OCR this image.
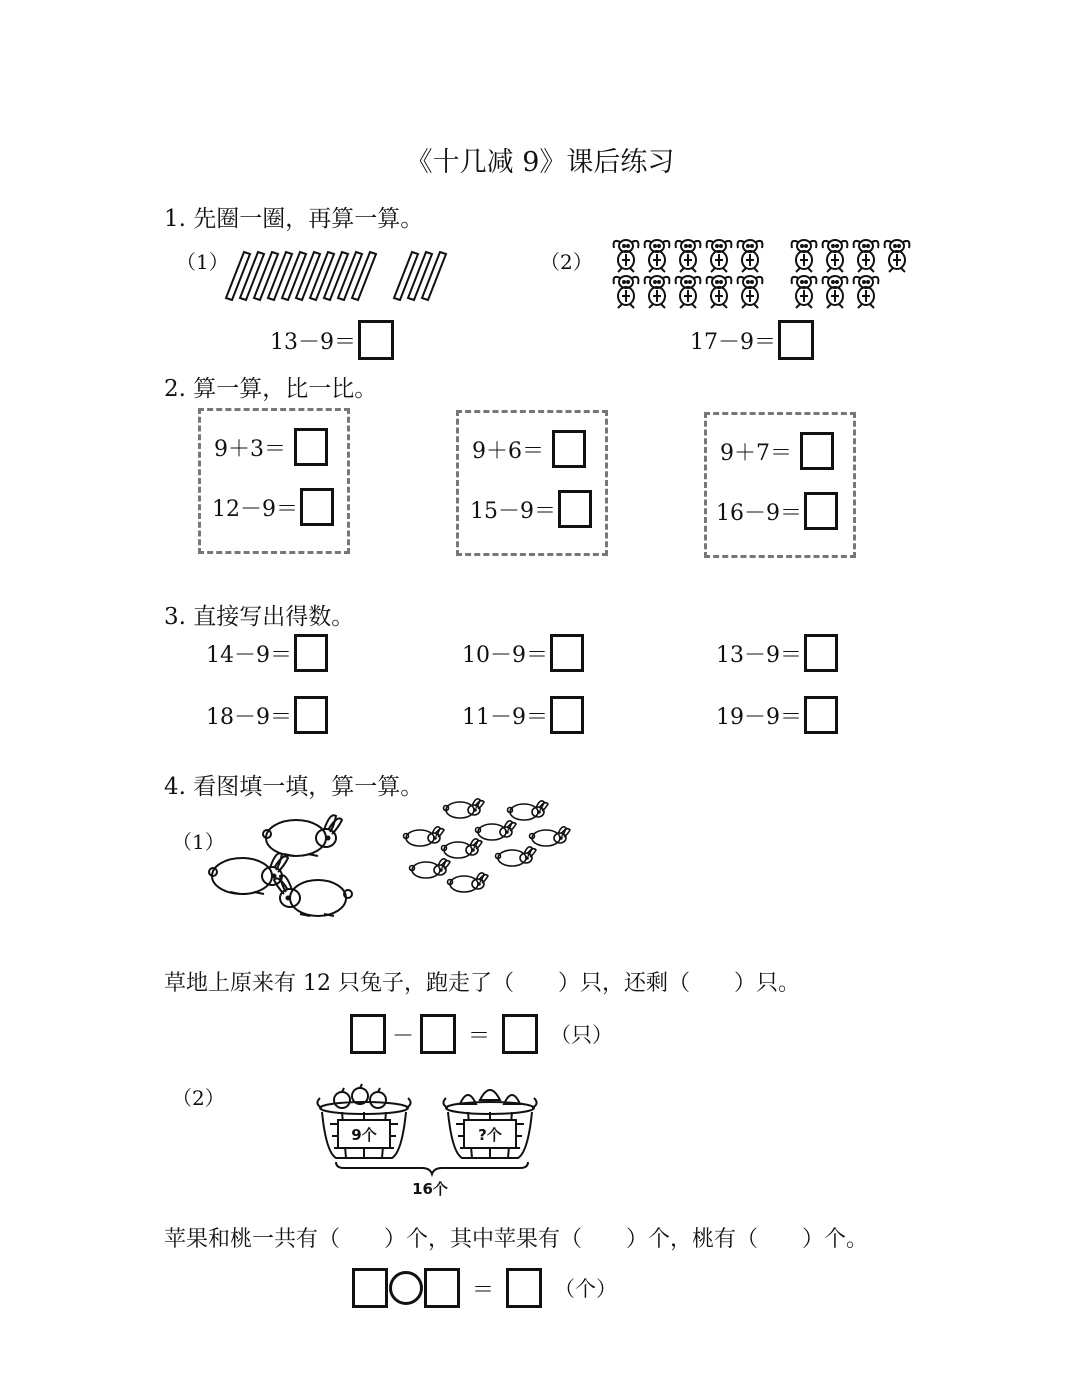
《十几减 9》课后练习
1. 先圈一圈，再算一算。
（1）	（2）
13－9＝	17－9＝
2. 算一算，比一比。
9＋3＝
12－9＝
9＋6＝
15－9＝
9＋7＝
16－9＝
3. 直接写出得数。
14－9＝	10－9＝	13－9＝
18－9＝	11－9＝	19－9＝
4. 看图填一填，算一算。
（1）
草地上原来有 12 只兔子，跑走了（　　）只，还剩（　　）只。
－ ＝	（只）
（2）
9个	?个
16个
苹果和桃一共有（　　）个，其中苹果有（　　）个，桃有（　　）个。
＝	（个）
